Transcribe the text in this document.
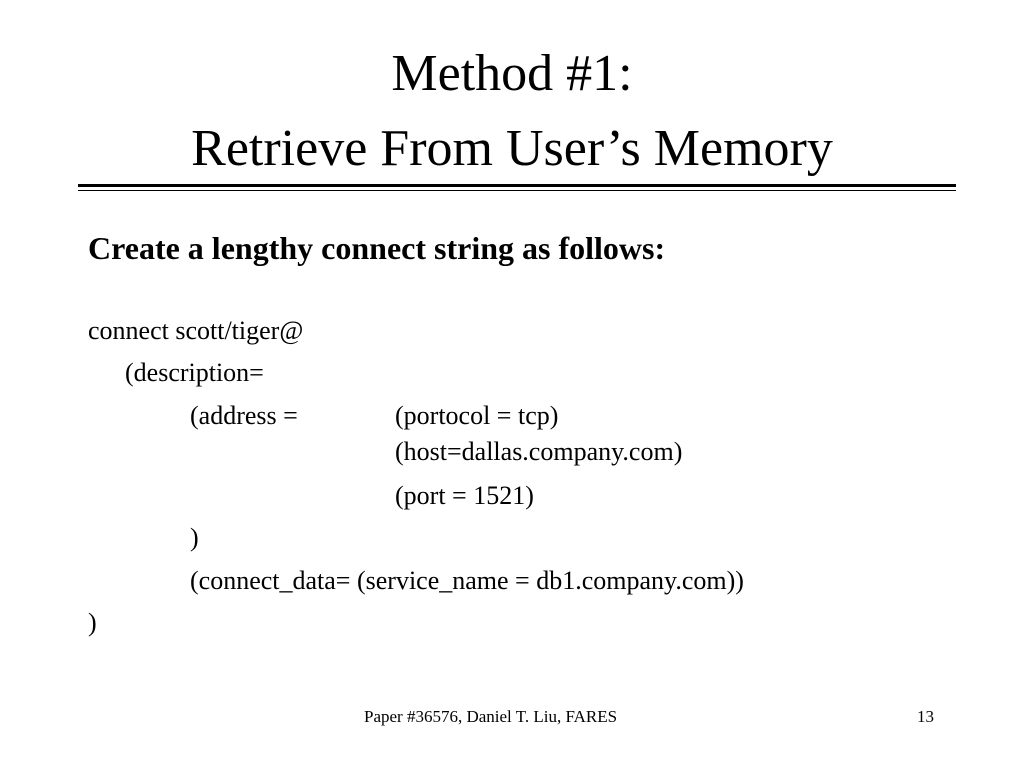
Method #1:
Retrieve From User’s Memory
Create a lengthy connect string as follows:
connect scott/tiger@
(description=
(address =	(portocol = tcp)
(host=dallas.company.com)
(port = 1521)
)
(connect_data= (service_name = db1.company.com))
)
Paper #36576, Daniel T. Liu, FARES	13
